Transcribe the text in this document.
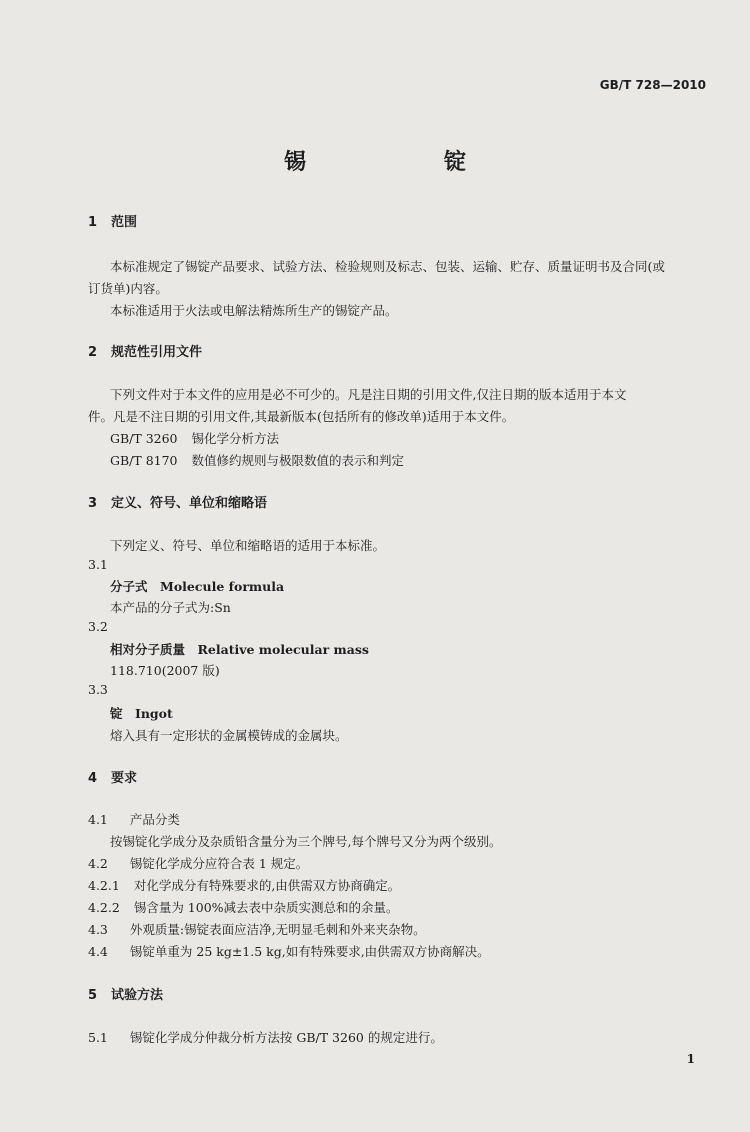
GB/T 728—2010
锡　锭
1 范围
本标准规定了锡锭产品要求、试验方法、检验规则及标志、包装、运输、贮存、质量证明书及合同(或
订货单)内容。
本标准适用于火法或电解法精炼所生产的锡锭产品。
2 规范性引用文件
下列文件对于本文件的应用是必不可少的。凡是注日期的引用文件,仅注日期的版本适用于本文
件。凡是不注日期的引用文件,其最新版本(包括所有的修改单)适用于本文件。
GB/T 3260 锡化学分析方法
GB/T 8170 数值修约规则与极限数值的表示和判定
3 定义、符号、单位和缩略语
下列定义、符号、单位和缩略语的适用于本标准。
3.1
分子式　Molecule formula
本产品的分子式为:Sn
3.2
相对分子质量　Relative molecular mass
118.710(2007 版)
3.3
锭　Ingot
熔入具有一定形状的金属模铸成的金属块。
4 要求
4.1 产品分类
按锡锭化学成分及杂质铅含量分为三个牌号,每个牌号又分为两个级别。
4.2 锡锭化学成分应符合表 1 规定。
4.2.1 对化学成分有特殊要求的,由供需双方协商确定。
4.2.2 锡含量为 100%减去表中杂质实测总和的余量。
4.3 外观质量:锡锭表面应洁净,无明显毛刺和外来夹杂物。
4.4 锡锭单重为 25 kg±1.5 kg,如有特殊要求,由供需双方协商解决。
5 试验方法
5.1 锡锭化学成分仲裁分析方法按 GB/T 3260 的规定进行。
1
